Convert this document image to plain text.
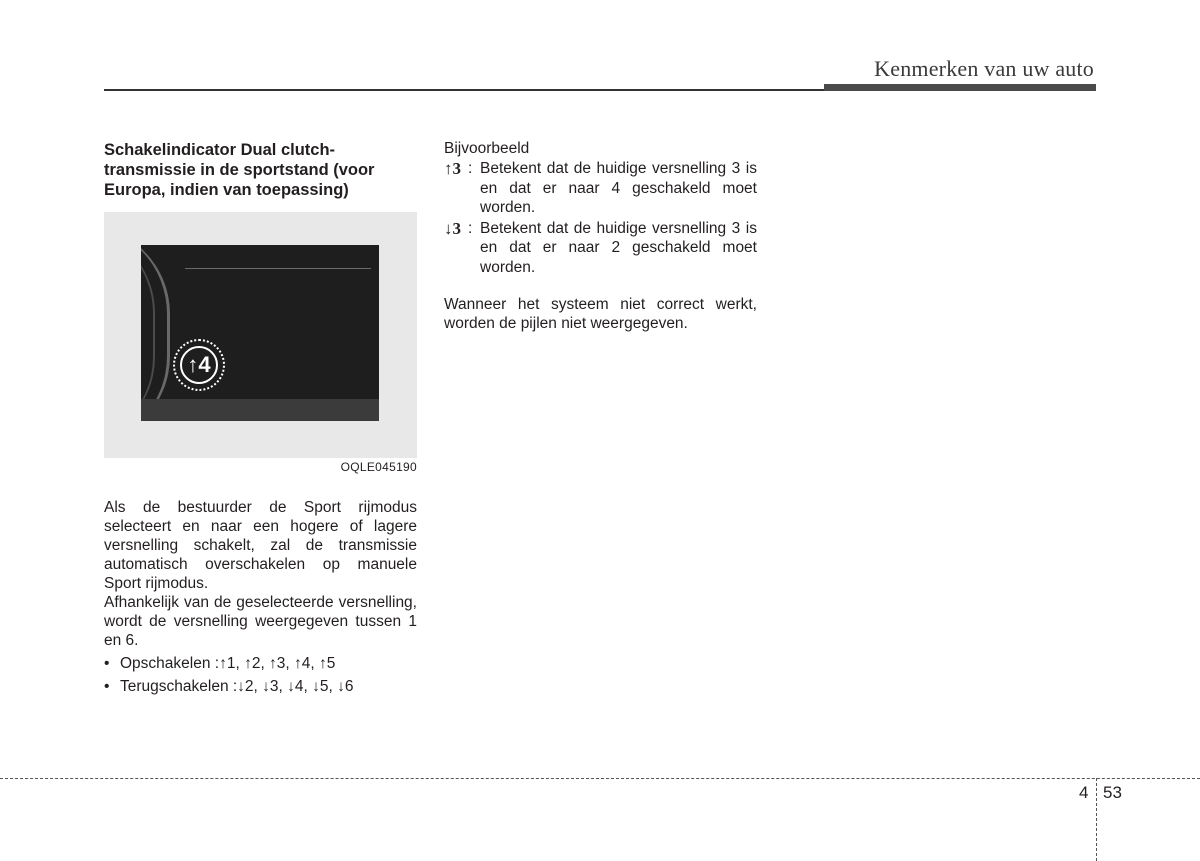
Kenmerken van uw auto
Schakelindicator Dual clutch-transmissie in de sportstand (voor Europa, indien van toepassing)
↑4
OQLE045190

Als de bestuurder de Sport rijmodus selecteert en naar een hogere of lagere versnelling schakelt, zal de transmissie automatisch overschakelen op manuele Sport rijmodus.

Afhankelijk van de geselecteerde versnelling, wordt de versnelling weergegeven tussen 1 en 6.

• Opschakelen :↑1, ↑2, ↑3, ↑4, ↑5
• Terugschakelen :↓2, ↓3, ↓4, ↓5, ↓6
Bijvoorbeeld
↑3 : Betekent dat de huidige versnelling 3 is en dat er naar 4 geschakeld moet worden.
↓3 : Betekent dat de huidige versnelling 3 is en dat er naar 2 geschakeld moet worden.

Wanneer het systeem niet correct werkt, worden de pijlen niet weergegeven.

4 53
